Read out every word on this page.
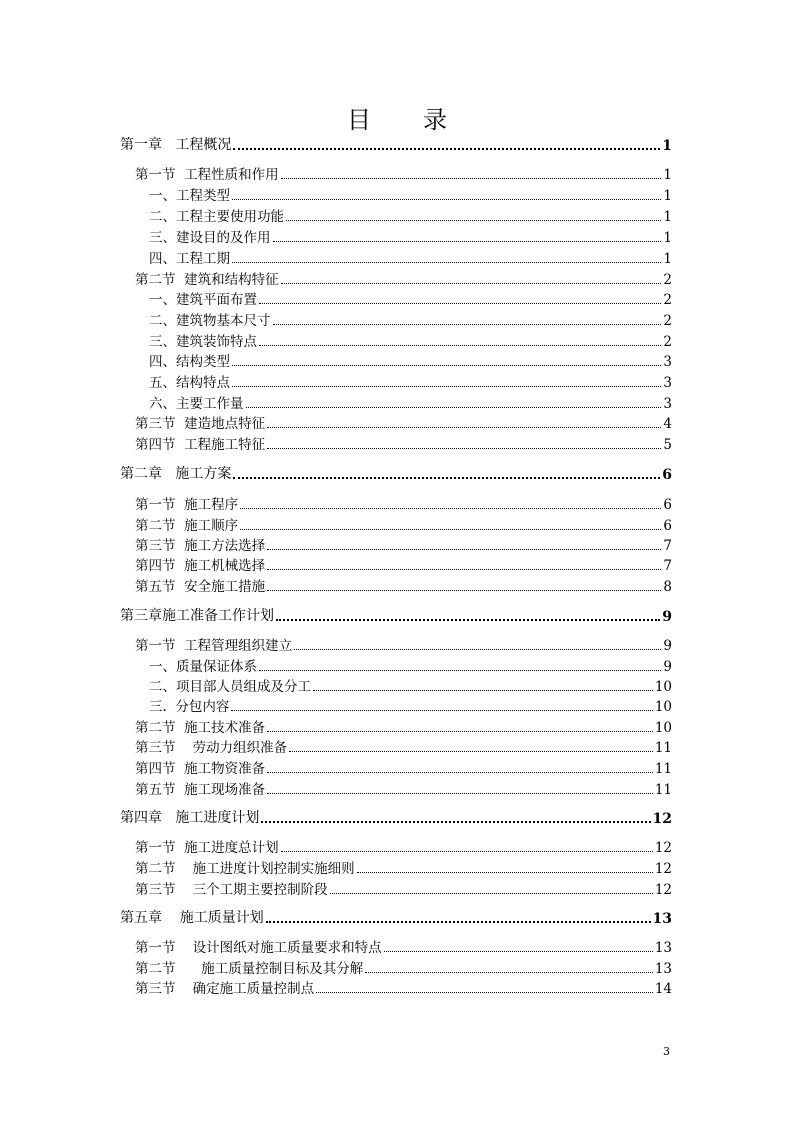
目 录
第一章   工程概况	1
第一节  工程性质和作用	1
一、工程类型	1
二、工程主要使用功能	1
三、建设目的及作用	1
四、工程工期	1
第二节  建筑和结构特征	2
一、建筑平面布置	2
二、建筑物基本尺寸	2
三、建筑装饰特点	2
四、结构类型	3
五、结构特点	3
六、主要工作量	3
第三节  建造地点特征	4
第四节  工程施工特征	5
第二章   施工方案	6
第一节  施工程序	6
第二节  施工顺序	6
第三节  施工方法选择	7
第四节  施工机械选择	7
第五节  安全施工措施	8
第三章施工准备工作计划	9
第一节  工程管理组织建立	9
一、质量保证体系	9
二、项目部人员组成及分工	10
三.  分包内容	10
第二节  施工技术准备	10
第三节    劳动力组织准备	11
第四节  施工物资准备	11
第五节  施工现场准备	11
第四章   施工进度计划	12
第一节  施工进度总计划	12
第二节    施工进度计划控制实施细则	12
第三节    三个工期主要控制阶段	12
第五章    施工质量计划	13
第一节    设计图纸对施工质量要求和特点	13
第二节      施工质量控制目标及其分解	13
第三节    确定施工质量控制点	14
3
